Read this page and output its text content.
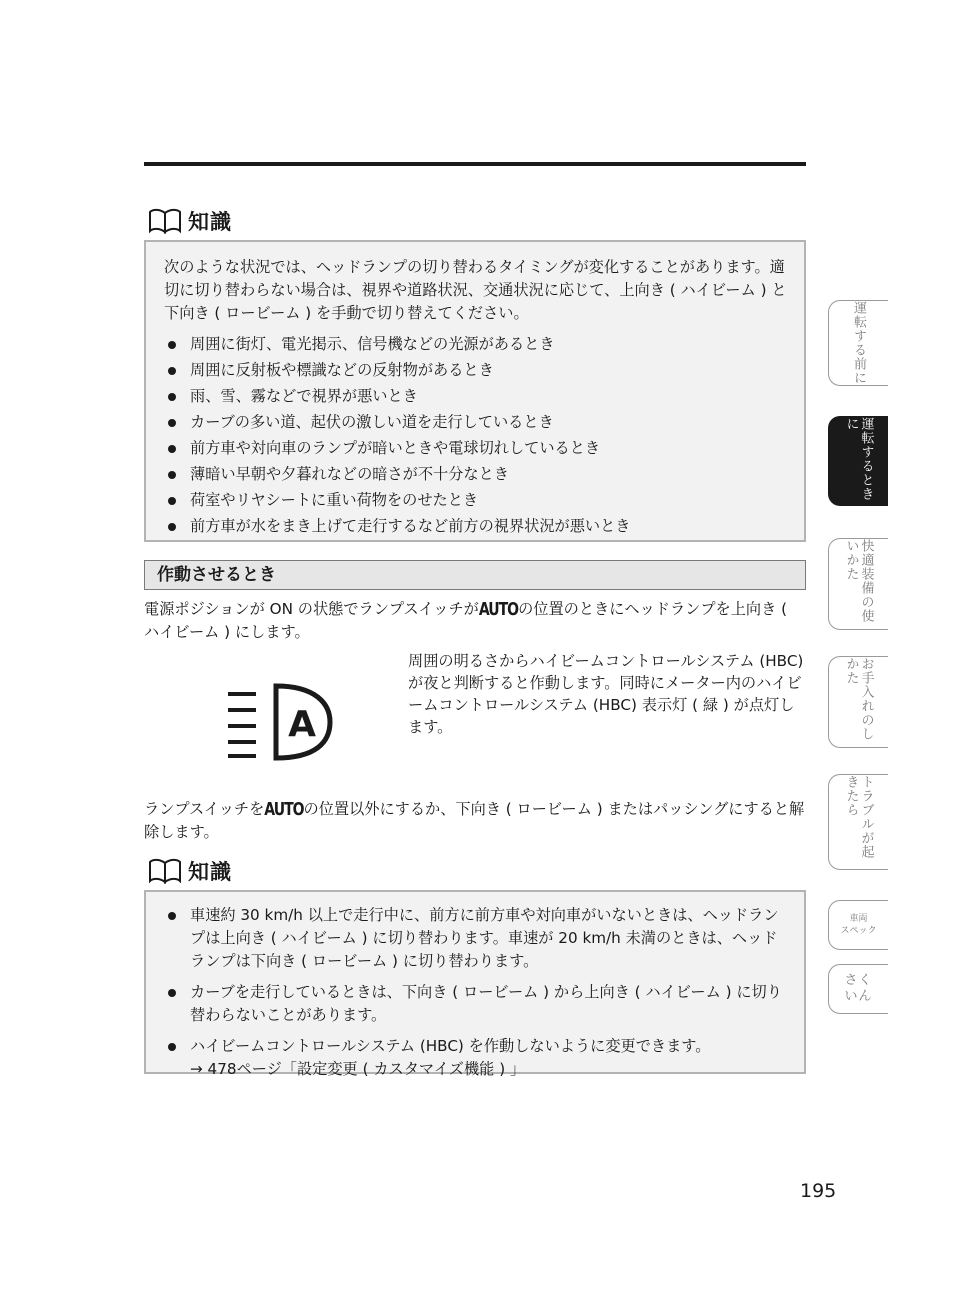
知識

次のような状況では、ヘッドランプの切り替わるタイミングが変化することがあります。適切に切り替わらない場合は、視界や道路状況、交通状況に応じて、上向き ( ハイビーム ) と下向き ( ロービーム ) を手動で切り替えてください。

周囲に街灯、電光掲示、信号機などの光源があるとき
周囲に反射板や標識などの反射物があるとき
雨、雪、霧などで視界が悪いとき
カーブの多い道、起伏の激しい道を走行しているとき
前方車や対向車のランプが暗いときや電球切れしているとき
薄暗い早朝や夕暮れなどの暗さが不十分なとき
荷室やリヤシートに重い荷物をのせたとき
前方車が水をまき上げて走行するなど前方の視界状況が悪いとき
作動させるとき

電源ポジションが ON の状態でランプスイッチがAUTOの位置のときにヘッドランプを上向き ( ハイビーム ) にします。

A

周囲の明るさからハイビームコントロールシステム (HBC) が夜と判断すると作動します。同時にメーター内のハイビームコントロールシステム (HBC) 表示灯 ( 緑 ) が点灯します。

ランプスイッチをAUTOの位置以外にするか、下向き ( ロービーム ) またはパッシングにすると解除します。

知識
車速約 30 km/h 以上で走行中に、前方に前方車や対向車がいないときは、ヘッドランプは上向き ( ハイビーム ) に切り替わります。車速が 20 km/h 未満のときは、ヘッドランプは下向き ( ロービーム ) に切り替わります。
カーブを走行しているときは、下向き ( ロービーム ) から上向き ( ハイビーム ) に切り替わらないことがあります。
ハイビームコントロールシステム (HBC) を作動しないように変更できます。
→ 478ページ「設定変更 ( カスタマイズ機能 ) 」
運転する前に
運転するときに
快適装備の使いかた
お手入れのしかた
トラブルが起きたら
車両
スペック
さく
いん
195
